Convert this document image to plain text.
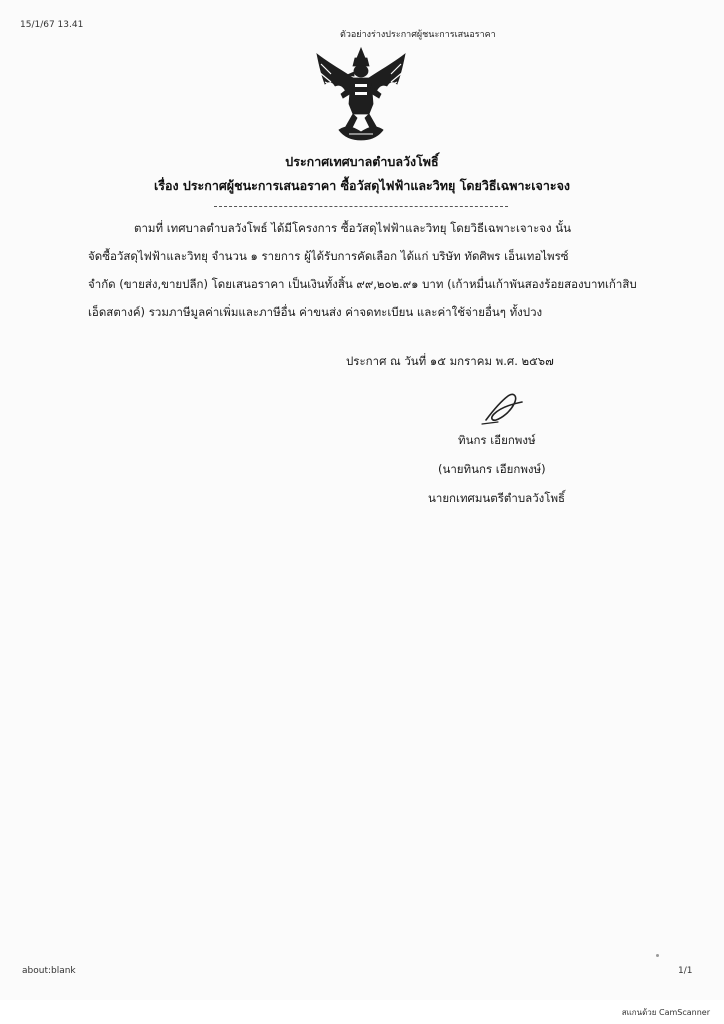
15/1/67 13.41
ตัวอย่างร่างประกาศผู้ชนะการเสนอราคา
ประกาศเทศบาลตำบลวังโพธิ์
เรื่อง ประกาศผู้ชนะการเสนอราคา ซื้อวัสดุไฟฟ้าและวิทยุ โดยวิธีเฉพาะเจาะจง
ตามที่ เทศบาลตำบลวังโพธ์ ได้มีโครงการ ซื้อวัสดุไฟฟ้าและวิทยุ โดยวิธีเฉพาะเจาะจง นั้น
จัดซื้อวัสดุไฟฟ้าและวิทยุ จำนวน ๑ รายการ ผู้ได้รับการคัดเลือก ได้แก่ บริษัท ทัดศิพร เอ็นเทอไพรซ์
จำกัด (ขายส่ง,ขายปลีก) โดยเสนอราคา เป็นเงินทั้งสิ้น ๙๙,๒๐๒.๙๑ บาท (เก้าหมื่นเก้าพันสองร้อยสองบาทเก้าสิบ
เอ็ดสตางค์) รวมภาษีมูลค่าเพิ่มและภาษีอื่น ค่าขนส่ง ค่าจดทะเบียน และค่าใช้จ่ายอื่นๆ ทั้งปวง
ประกาศ ณ วันที่ ๑๕ มกราคม พ.ศ. ๒๕๖๗
ทินกร เอียกพงษ์
(นายทินกร เอียกพงษ์)
นายกเทศมนตรีตำบลวังโพธิ์
about:blank	1/1
สแกนด้วย CamScanner
